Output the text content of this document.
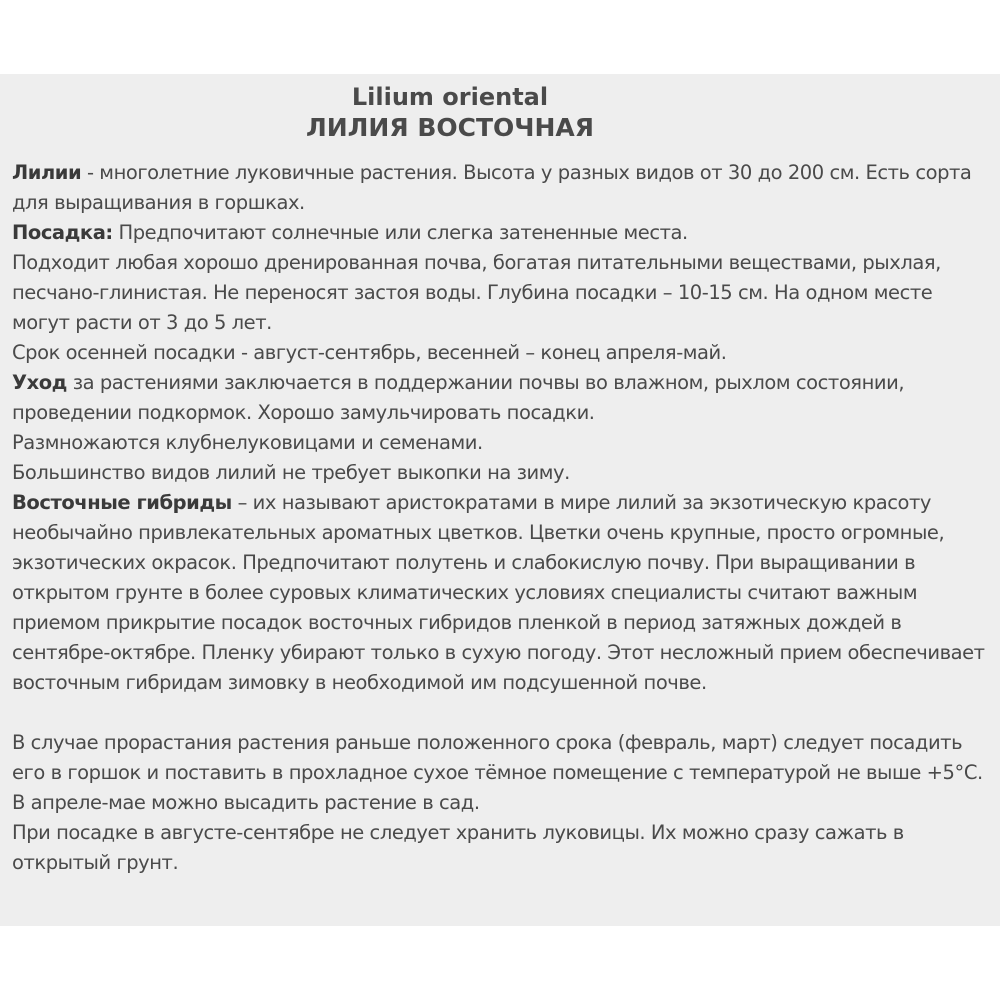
Lilium oriental
ЛИЛИЯ ВОСТОЧНАЯ

Лилии - многолетние луковичные растения. Высота у разных видов от 30 до 200 см. Есть сорта для выращивания в горшках.

Посадка: Предпочитают солнечные или слегка затененные места.

Подходит любая хорошо дренированная почва, богатая питательными веществами, рыхлая, песчано-глинистая. Не переносят застоя воды. Глубина посадки – 10-15 см. На одном месте могут расти от 3 до 5 лет.

Срок осенней посадки - август-сентябрь, весенней – конец апреля-май.

Уход за растениями заключается в поддержании почвы во влажном, рыхлом состоянии, проведении подкормок. Хорошо замульчировать посадки.

Размножаются клубнелуковицами и семенами.

Большинство видов лилий не требует выкопки на зиму.

Восточные гибриды – их называют аристократами в мире лилий за экзотическую красоту необычайно привлекательных ароматных цветков. Цветки очень крупные, просто огромные, экзотических окрасок. Предпочитают полутень и слабокислую почву. При выращивании в открытом грунте в более суровых климатических условиях специалисты считают важным приемом прикрытие посадок восточных гибридов пленкой в период затяжных дождей в сентябре-октябре. Пленку убирают только в сухую погоду. Этот несложный прием обеспечивает восточным гибридам зимовку в необходимой им подсушенной почве.

В случае прорастания растения раньше положенного срока (февраль, март) следует посадить его в горшок и поставить в прохладное сухое тёмное помещение с температурой не выше +5°С.

В апреле-мае можно высадить растение в сад.

При посадке в августе-сентябре не следует хранить луковицы. Их можно сразу сажать в открытый грунт.
